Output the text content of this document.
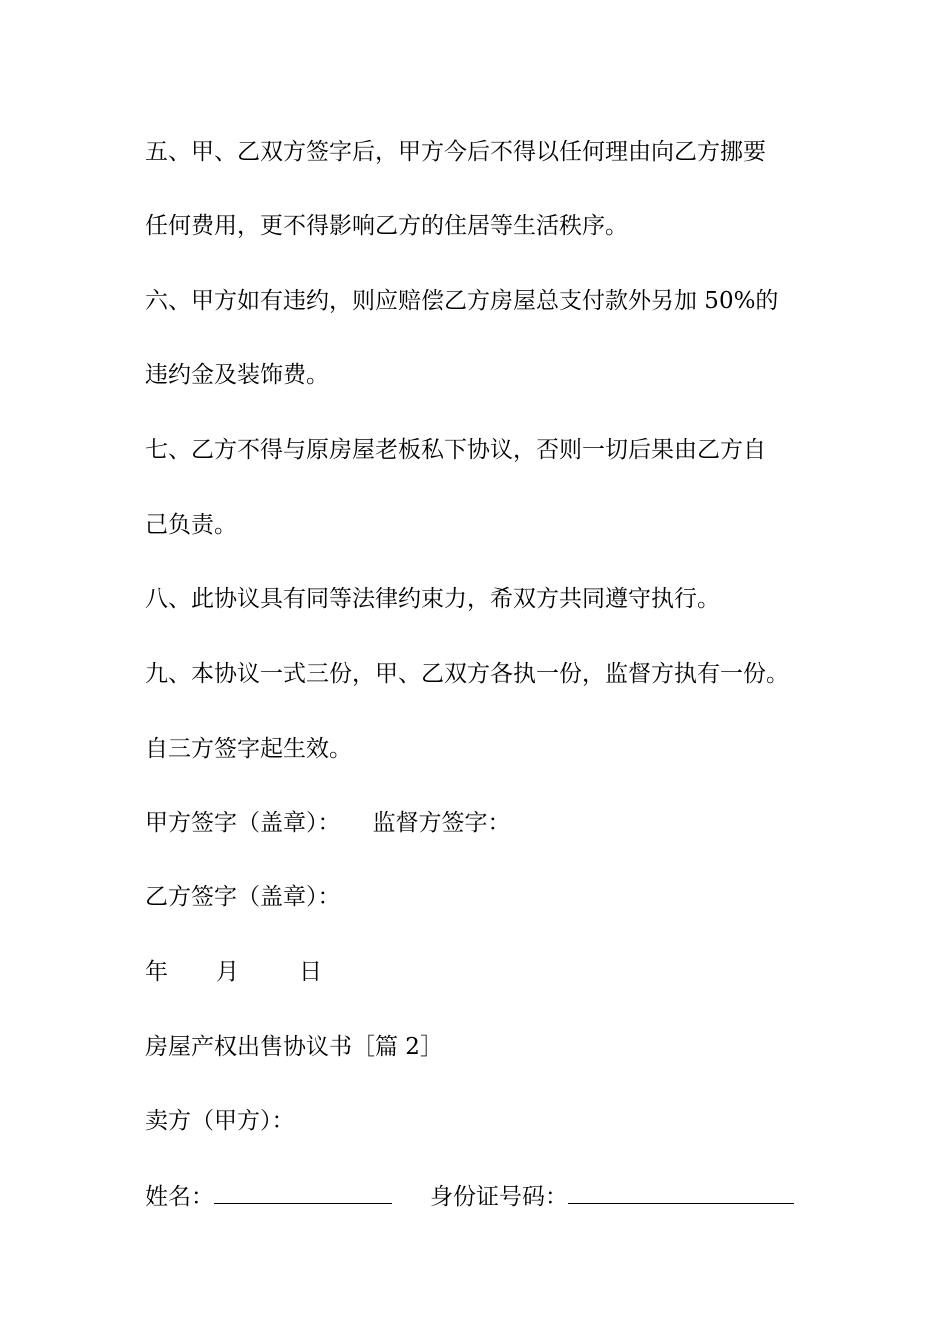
五、甲、乙双方签字后，甲方今后不得以任何理由向乙方挪要
任何费用，更不得影响乙方的住居等生活秩序。
六、甲方如有违约，则应赔偿乙方房屋总支付款外另加 50%的
违约金及装饰费。
七、乙方不得与原房屋老板私下协议，否则一切后果由乙方自
己负责。
八、此协议具有同等法律约束力，希双方共同遵守执行。
九、本协议一式三份，甲、乙双方各执一份，监督方执有一份。
自三方签字起生效。
甲方签字（盖章）： 监督方签字：
乙方签字（盖章）：
年 月	日
房屋产权出售协议书［篇 2］
卖方（甲方）：
姓名：	身份证号码：
